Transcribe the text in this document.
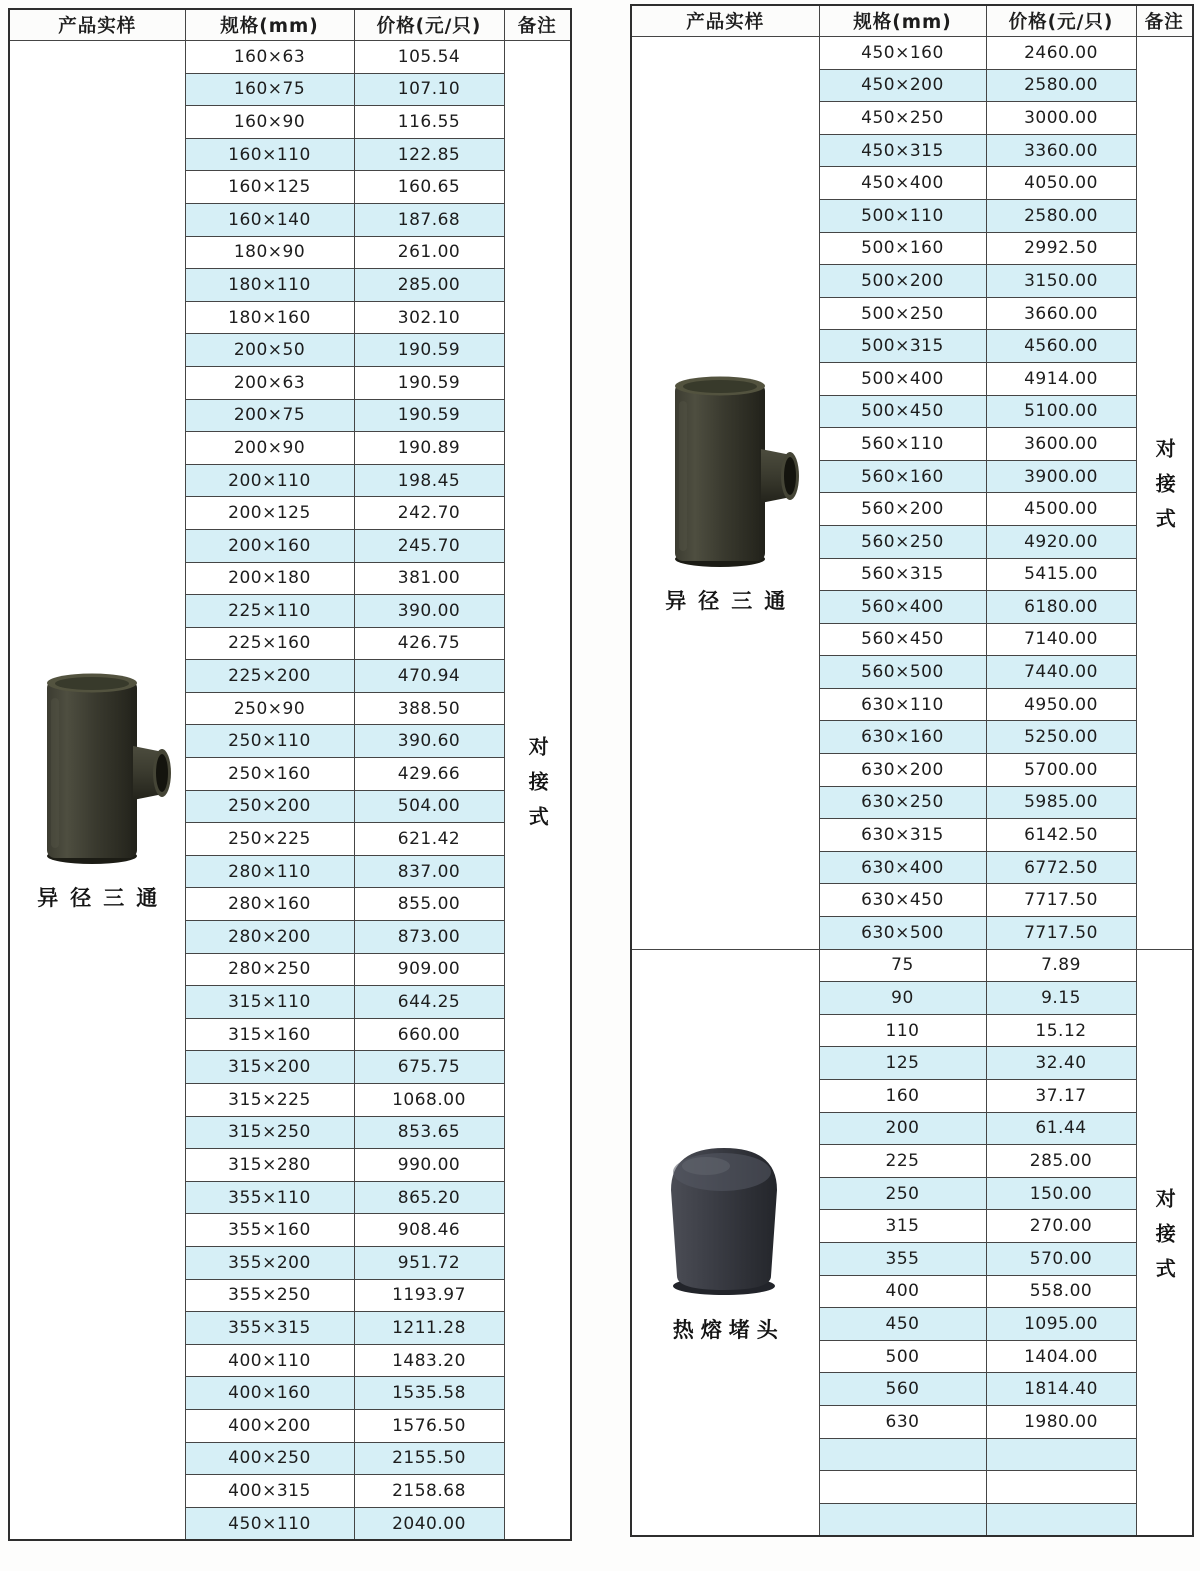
产品实样	规格(mm)	价格(元/只)	备注

异径三通	160×63	105.54	对接式
	160×75	107.10	
	160×90	116.55	
	160×110	122.85	
	160×125	160.65	
	160×140	187.68	
	180×90	261.00	
	180×110	285.00	
	180×160	302.10	
	200×50	190.59	
	200×63	190.59	
	200×75	190.59	
	200×90	190.89	
	200×110	198.45	
	200×125	242.70	
	200×160	245.70	
	200×180	381.00	
	225×110	390.00	
	225×160	426.75	
	225×200	470.94	
	250×90	388.50	
	250×110	390.60	
	250×160	429.66	
	250×200	504.00	
	250×225	621.42	
	280×110	837.00	
	280×160	855.00	
	280×200	873.00	
	280×250	909.00	
	315×110	644.25	
	315×160	660.00	
	315×200	675.75	
	315×225	1068.00	
	315×250	853.65	
	315×280	990.00	
	355×110	865.20	
	355×160	908.46	
	355×200	951.72	
	355×250	1193.97	
	355×315	1211.28	
	400×110	1483.20	
	400×160	1535.58	
	400×200	1576.50	
	400×250	2155.50	
	400×315	2158.68	
	450×110	2040.00	
产品实样	规格(mm)	价格(元/只)	备注

异径三通	450×160	2460.00	对接式
	450×200	2580.00	
	450×250	3000.00	
	450×315	3360.00	
	450×400	4050.00	
	500×110	2580.00	
	500×160	2992.50	
	500×200	3150.00	
	500×250	3660.00	
	500×315	4560.00	
	500×400	4914.00	
	500×450	5100.00	
	560×110	3600.00	
	560×160	3900.00	
	560×200	4500.00	
	560×250	4920.00	
	560×315	5415.00	
	560×400	6180.00	
	560×450	7140.00	
	560×500	7440.00	
	630×110	4950.00	
	630×160	5250.00	
	630×200	5700.00	
	630×250	5985.00	
	630×315	6142.50	
	630×400	6772.50	
	630×450	7717.50	
	630×500	7717.50	

热熔堵头	75	7.89	对接式
	90	9.15	
	110	15.12	
	125	32.40	
	160	37.17	
	200	61.44	
	225	285.00	
	250	150.00	
	315	270.00	
	355	570.00	
	400	558.00	
	450	1095.00	
	500	1404.00	
	560	1814.40	
	630	1980.00	
